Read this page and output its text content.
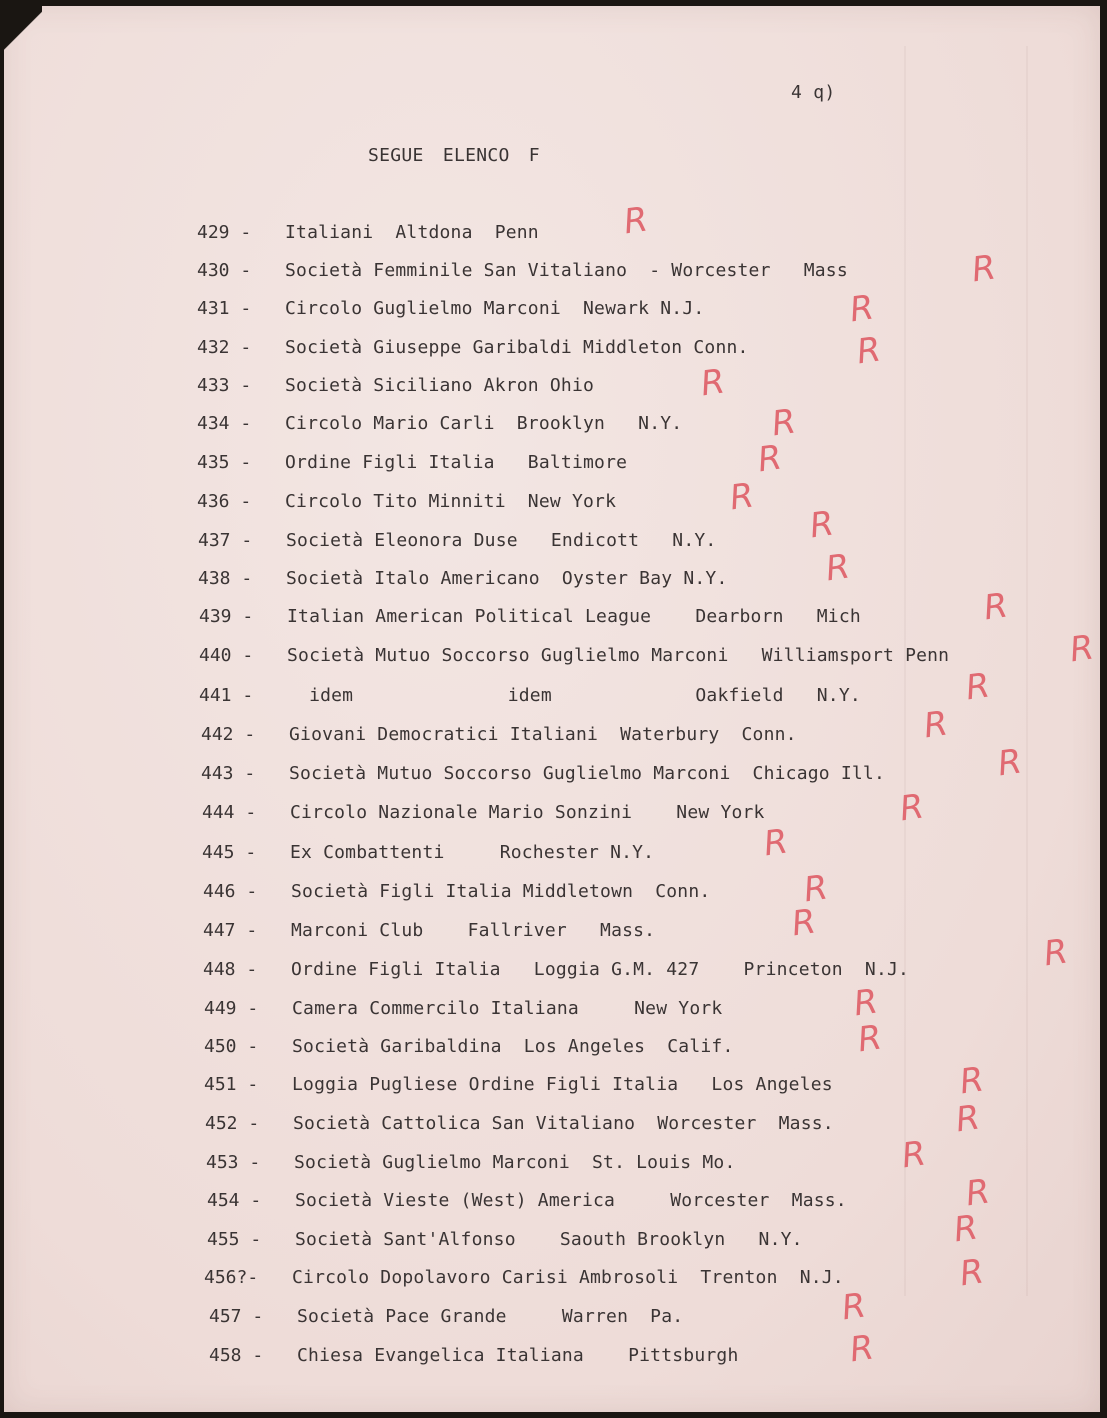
4 q)
SEGUE ELENCO F
429 - Italiani  Altdona  Penn R
430 - Società Femminile San Vitaliano  - Worcester   Mass	R
431 - Circolo Guglielmo Marconi  Newark N.J.	R
432 - Società Giuseppe Garibaldi Middleton Conn.	R
433 - Società Siciliano Akron Ohio	R
434 - Circolo Mario Carli  Brooklyn   N.Y.	R
435 - Ordine Figli Italia   Baltimore	R
436 - Circolo Tito Minniti  New York	R
437 - Società Eleonora Duse   Endicott   N.Y.	R
438 - Società Italo Americano  Oyster Bay N.Y.	R
439 - Italian American Political League    Dearborn   Mich	R
440 - Società Mutuo Soccorso Guglielmo Marconi   Williamsport Penn	R
441 -  idem              idem             Oakfield   N.Y.	R
442 - Giovani Democratici Italiani  Waterbury  Conn.	R
443 - Società Mutuo Soccorso Guglielmo Marconi  Chicago Ill.	R
444 - Circolo Nazionale Mario Sonzini    New York	R
445 - Ex Combattenti     Rochester N.Y.	R
446 - Società Figli Italia Middletown  Conn.	R
447 - Marconi Club    Fallriver   Mass.	R
448 - Ordine Figli Italia   Loggia G.M. 427    Princeton  N.J.	R
449 - Camera Commercilo Italiana     New York	R
450 - Società Garibaldina  Los Angeles  Calif.	R
451 - Loggia Pugliese Ordine Figli Italia   Los Angeles	R
452 - Società Cattolica San Vitaliano  Worcester  Mass.	R
453 - Società Guglielmo Marconi  St. Louis Mo.	R
454 - Società Vieste (West) America     Worcester  Mass.	R
455 - Società Sant'Alfonso    Saouth Brooklyn   N.Y.	R
456?- Circolo Dopolavoro Carisi Ambrosoli  Trenton  N.J.	R
457 - Società Pace Grande     Warren  Pa.	R
458 - Chiesa Evangelica Italiana    Pittsburgh	R
